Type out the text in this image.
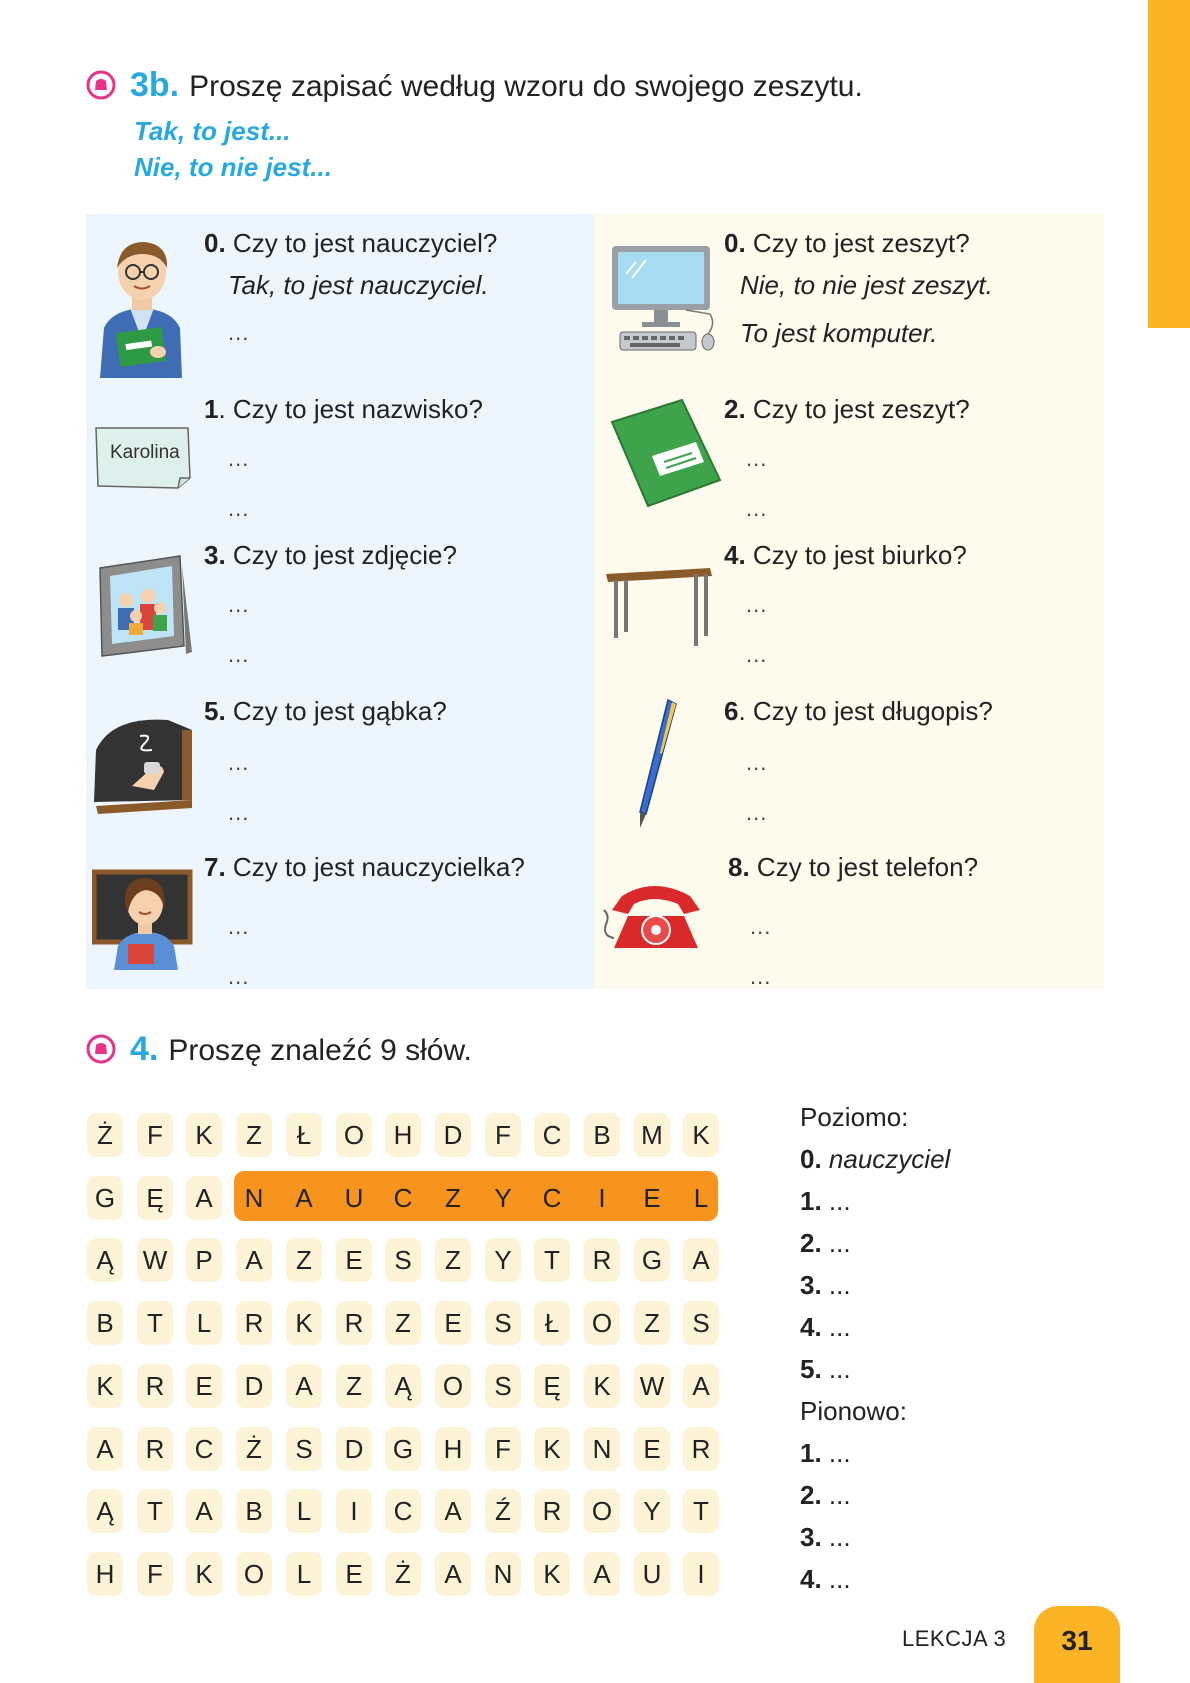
3b. Proszę zapisać według wzoru do swojego zeszytu.
Tak, to jest...
Nie, to nie jest...
Karolina
0. Czy to jest nauczyciel?
Tak, to jest nauczyciel.
...
0. Czy to jest zeszyt?
Nie, to nie jest zeszyt.
To jest komputer.
1. Czy to jest nazwisko?
...
...
2. Czy to jest zeszyt?
...
...
3. Czy to jest zdjęcie?
...
...
4. Czy to jest biurko?
...
...
5. Czy to jest gąbka?
...
...
6. Czy to jest długopis?
...
...
7. Czy to jest nauczycielka?
...
...
8. Czy to jest telefon?
...
...
4. Proszę znaleźć 9 słów.
Ż	F	K	Z	Ł	O	H	D	F	C	B	M	K
G	Ę	A	N	A	U	C	Z	Y	C	I	E	L
Ą	W	P	A	Z	E	S	Z	Y	T	R	G	A
B	T	L	R	K	R	Z	E	S	Ł	O	Z	S
K	R	E	D	A	Z	Ą	O	S	Ę	K	W	A
A	R	C	Ż	S	D	G	H	F	K	N	E	R
Ą	T	A	B	L	I	C	A	Ź	R	O	Y	T
H	F	K	O	L	E	Ż	A	N	K	A	U	I
Poziomo:
0. nauczyciel
1. ...
2. ...
3. ...
4. ...
5. ...
Pionowo:
1. ...
2. ...
3. ...
4. ...
LEKCJA 3	31
